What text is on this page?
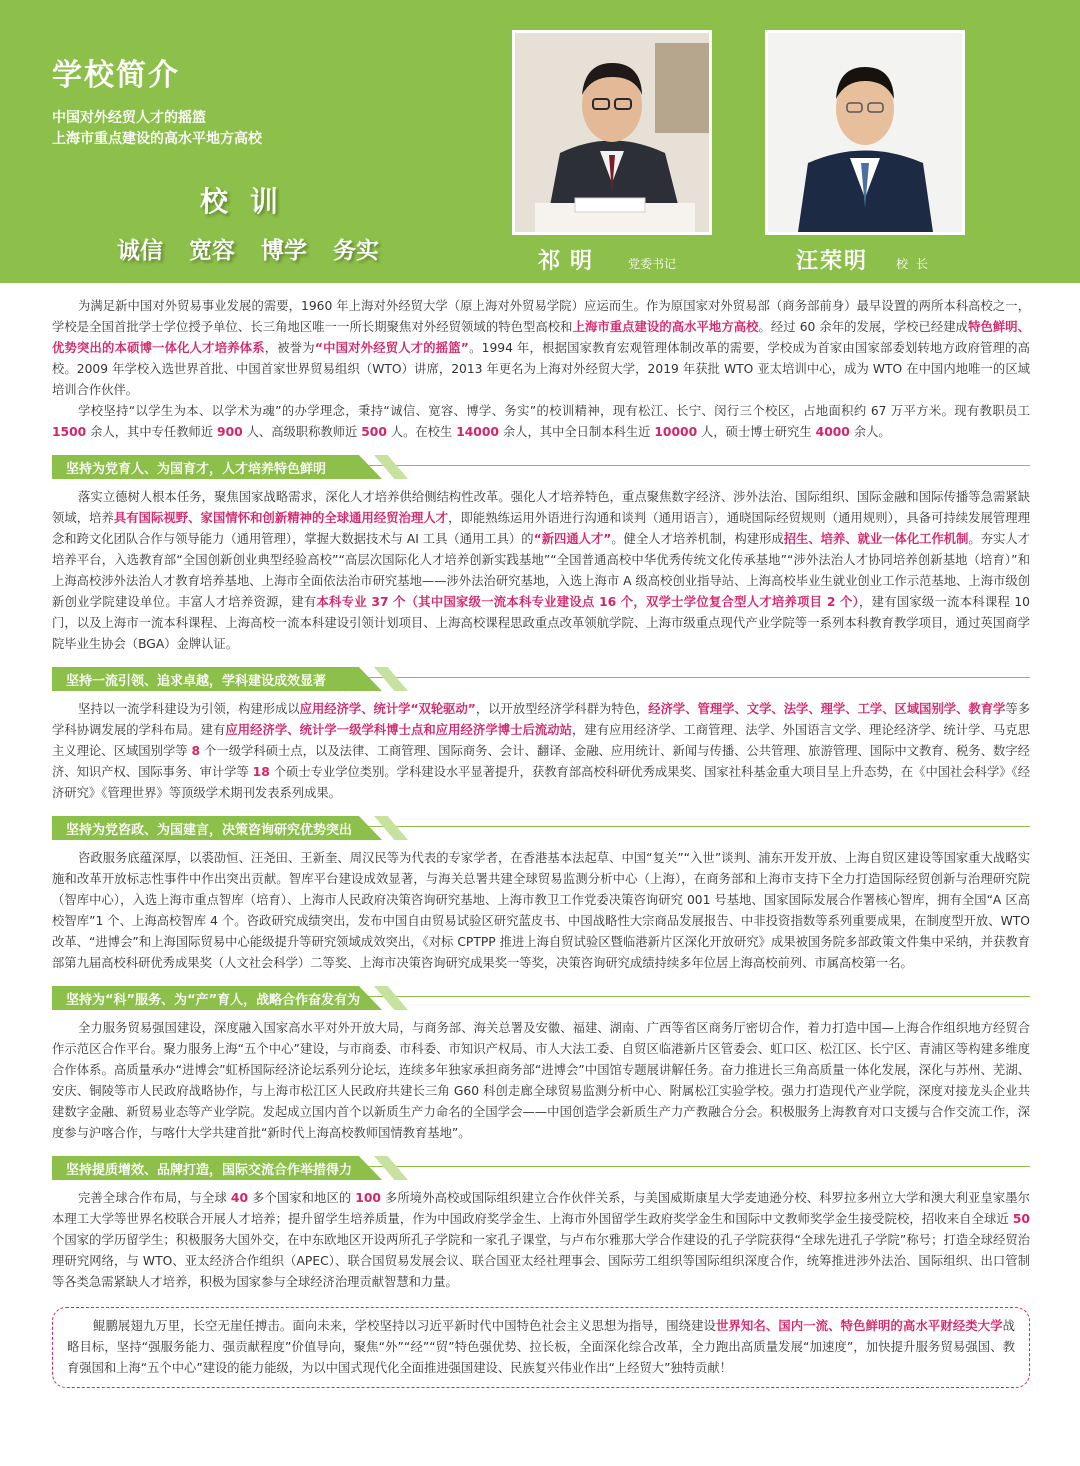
学校简介
中国对外经贸人才的摇篮
上海市重点建设的高水平地方高校
校训
诚信 宽容 博学 务实	祁明 党委书记	汪荣明 校长

为满足新中国对外贸易事业发展的需要，1960 年上海对外经贸大学（原上海对外贸易学院）应运而生。作为原国家对外贸易部（商务部前身）最早设置的两所本科高校之一，学校是全国首批学士学位授予单位、长三角地区唯一一所长期聚焦对外经贸领域的特色型高校和上海市重点建设的高水平地方高校。经过 60 余年的发展，学校已经建成特色鲜明、优势突出的本硕博一体化人才培养体系，被誉为“中国对外经贸人才的摇篮”。1994 年，根据国家教育宏观管理体制改革的需要，学校成为首家由国家部委划转地方政府管理的高校。2009 年学校入选世界首批、中国首家世界贸易组织（WTO）讲席，2013 年更名为上海对外经贸大学，2019 年获批 WTO 亚太培训中心，成为 WTO 在中国内地唯一的区域培训合作伙伴。

学校坚持“以学生为本、以学术为魂”的办学理念，秉持“诚信、宽容、博学、务实”的校训精神，现有松江、长宁、闵行三个校区，占地面积约 67 万平方米。现有教职员工 1500 余人，其中专任教师近 900 人、高级职称教师近 500 人。在校生 14000 余人，其中全日制本科生近 10000 人，硕士博士研究生 4000 余人。

坚持为党育人、为国育才，人才培养特色鲜明

落实立德树人根本任务，聚焦国家战略需求，深化人才培养供给侧结构性改革。强化人才培养特色，重点聚焦数字经济、涉外法治、国际组织、国际金融和国际传播等急需紧缺领域，培养具有国际视野、家国情怀和创新精神的全球通用经贸治理人才，即能熟练运用外语进行沟通和谈判（通用语言），通晓国际经贸规则（通用规则），具备可持续发展管理理念和跨文化团队合作与领导能力（通用管理），掌握大数据技术与 AI 工具（通用工具）的“新四通人才”。健全人才培养机制，构建形成招生、培养、就业一体化工作机制。夯实人才培养平台，入选教育部“全国创新创业典型经验高校”“高层次国际化人才培养创新实践基地”“全国普通高校中华优秀传统文化传承基地”“涉外法治人才协同培养创新基地（培育）”和上海高校涉外法治人才教育培养基地、上海市全面依法治市研究基地——涉外法治研究基地，入选上海市 A 级高校创业指导站、上海高校毕业生就业创业工作示范基地、上海市级创新创业学院建设单位。丰富人才培养资源，建有本科专业 37 个（其中国家级一流本科专业建设点 16 个，双学士学位复合型人才培养项目 2 个），建有国家级一流本科课程 10 门，以及上海市一流本科课程、上海高校一流本科建设引领计划项目、上海高校课程思政重点改革领航学院、上海市级重点现代产业学院等一系列本科教育教学项目，通过英国商学院毕业生协会（BGA）金牌认证。

坚持一流引领、追求卓越，学科建设成效显著

坚持以一流学科建设为引领，构建形成以应用经济学、统计学“双轮驱动”，以开放型经济学科群为特色，经济学、管理学、文学、法学、理学、工学、区域国别学、教育学等多学科协调发展的学科布局。建有应用经济学、统计学一级学科博士点和应用经济学博士后流动站，建有应用经济学、工商管理、法学、外国语言文学、理论经济学、统计学、马克思主义理论、区域国别学等 8 个一级学科硕士点，以及法律、工商管理、国际商务、会计、翻译、金融、应用统计、新闻与传播、公共管理、旅游管理、国际中文教育、税务、数字经济、知识产权、国际事务、审计学等 18 个硕士专业学位类别。学科建设水平显著提升，获教育部高校科研优秀成果奖、国家社科基金重大项目呈上升态势，在《中国社会科学》《经济研究》《管理世界》等顶级学术期刊发表系列成果。

坚持为党咨政、为国建言，决策咨询研究优势突出

咨政服务底蕴深厚，以裘劭恒、汪尧田、王新奎、周汉民等为代表的专家学者，在香港基本法起草、中国“复关”“入世”谈判、浦东开发开放、上海自贸区建设等国家重大战略实施和改革开放标志性事件中作出突出贡献。智库平台建设成效显著，与海关总署共建全球贸易监测分析中心（上海），在商务部和上海市支持下全力打造国际经贸创新与治理研究院（智库中心），入选上海市重点智库（培育）、上海市人民政府决策咨询研究基地、上海市教卫工作党委决策咨询研究 001 号基地、国家国际发展合作署核心智库，拥有全国“A 区高校智库”1 个、上海高校智库 4 个。咨政研究成绩突出，发布中国自由贸易试验区研究蓝皮书、中国战略性大宗商品发展报告、中非投资指数等系列重要成果，在制度型开放、WTO 改革、“进博会”和上海国际贸易中心能级提升等研究领域成效突出，《对标 CPTPP 推进上海自贸试验区暨临港新片区深化开放研究》成果被国务院多部政策文件集中采纳，并获教育部第九届高校科研优秀成果奖（人文社会科学）二等奖、上海市决策咨询研究成果奖一等奖，决策咨询研究成绩持续多年位居上海高校前列、市属高校第一名。

坚持为“科”服务、为“产”育人，战略合作奋发有为

全力服务贸易强国建设，深度融入国家高水平对外开放大局，与商务部、海关总署及安徽、福建、湖南、广西等省区商务厅密切合作，着力打造中国—上海合作组织地方经贸合作示范区合作平台。聚力服务上海“五个中心”建设，与市商委、市科委、市知识产权局、市人大法工委、自贸区临港新片区管委会、虹口区、松江区、长宁区、青浦区等构建多维度合作体系。高质量承办“进博会”虹桥国际经济论坛系列分论坛，连续多年独家承担商务部“进博会”中国馆专题展讲解任务。奋力推进长三角高质量一体化发展，深化与苏州、芜湖、安庆、铜陵等市人民政府战略协作，与上海市松江区人民政府共建长三角 G60 科创走廊全球贸易监测分析中心、附属松江实验学校。强力打造现代产业学院，深度对接龙头企业共建数字金融、新贸易业态等产业学院。发起成立国内首个以新质生产力命名的全国学会——中国创造学会新质生产力产教融合分会。积极服务上海教育对口支援与合作交流工作，深度参与沪喀合作，与喀什大学共建首批“新时代上海高校教师国情教育基地”。

坚持提质增效、品牌打造，国际交流合作举措得力

完善全球合作布局，与全球 40 多个国家和地区的 100 多所境外高校或国际组织建立合作伙伴关系，与美国威斯康星大学麦迪逊分校、科罗拉多州立大学和澳大利亚皇家墨尔本理工大学等世界名校联合开展人才培养；提升留学生培养质量，作为中国政府奖学金生、上海市外国留学生政府奖学金生和国际中文教师奖学金生接受院校，招收来自全球近 50 个国家的学历留学生；积极服务大国外交，在中东欧地区开设两所孔子学院和一家孔子课堂，与卢布尔雅那大学合作建设的孔子学院获得“全球先进孔子学院”称号；打造全球经贸治理研究网络，与 WTO、亚太经济合作组织（APEC）、联合国贸易发展会议、联合国亚太经社理事会、国际劳工组织等国际组织深度合作，统筹推进涉外法治、国际组织、出口管制等各类急需紧缺人才培养，积极为国家参与全球经济治理贡献智慧和力量。

鲲鹏展翅九万里，长空无崖任搏击。面向未来，学校坚持以习近平新时代中国特色社会主义思想为指导，围绕建设世界知名、国内一流、特色鲜明的高水平财经类大学战略目标，坚持“强服务能力、强贡献程度”价值导向，聚焦“外”“经”“贸”特色强优势、拉长板，全面深化综合改革，全力跑出高质量发展“加速度”，加快提升服务贸易强国、教育强国和上海“五个中心”建设的能力能级，为以中国式现代化全面推进强国建设、民族复兴伟业作出“上经贸大”独特贡献！
